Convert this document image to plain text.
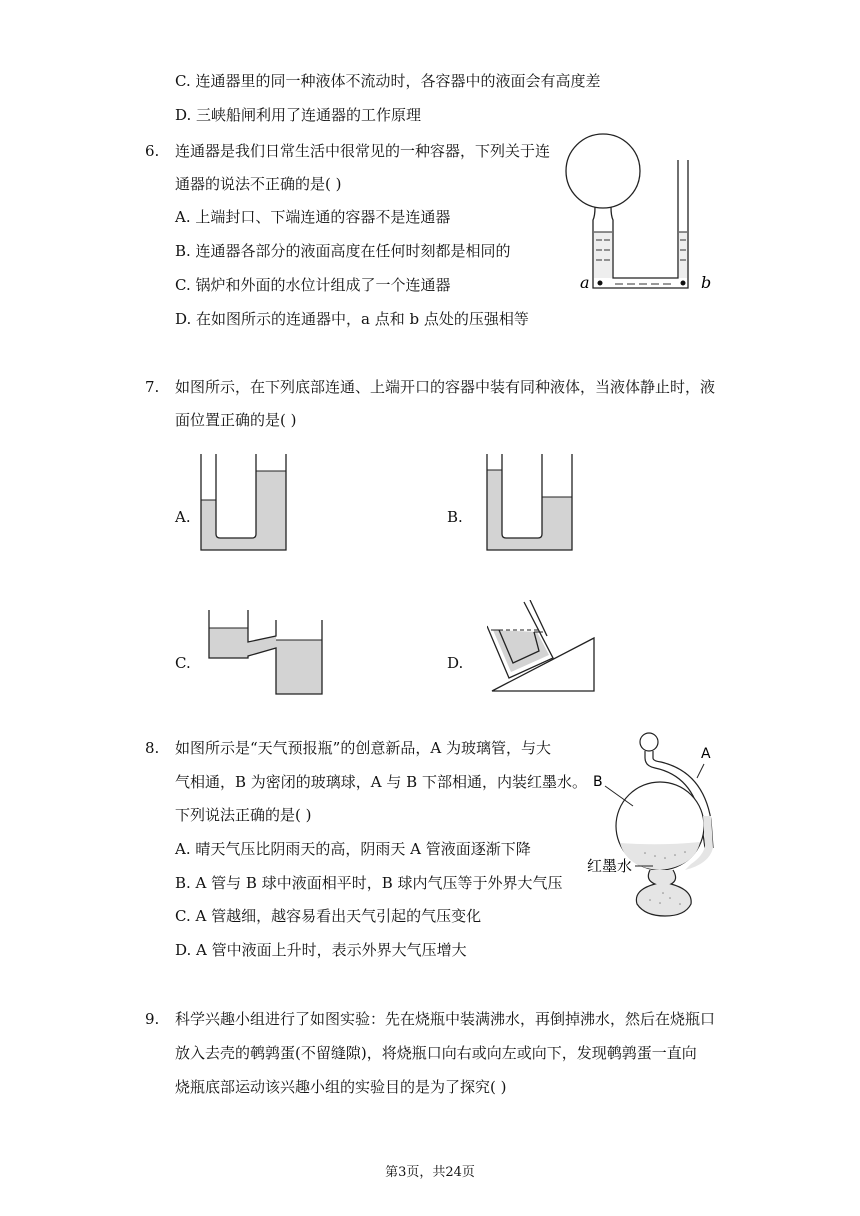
C. 连通器里的同一种液体不流动时，各容器中的液面会有高度差
D. 三峡船闸利用了连通器的工作原理
6. 连通器是我们日常生活中很常见的一种容器，下列关于连
通器的说法不正确的是( )
A. 上端封口、下端连通的容器不是连通器
B. 连通器各部分的液面高度在任何时刻都是相同的
C. 锅炉和外面的水位计组成了一个连通器
D. 在如图所示的连通器中，a 点和 b 点处的压强相等
a	b
7. 如图所示，在下列底部连通、上端开口的容器中装有同种液体，当液体静止时，液
面位置正确的是( )
A.	B.
C.	D.
8. 如图所示是“天气预报瓶”的创意新品，A 为玻璃管，与大
气相通，B 为密闭的玻璃球，A 与 B 下部相通，内装红墨水。
下列说法正确的是( )
A. 晴天气压比阴雨天的高，阴雨天 A 管液面逐渐下降
B. A 管与 B 球中液面相平时，B 球内气压等于外界大气压
C. A 管越细，越容易看出天气引起的气压变化
D. A 管中液面上升时，表示外界大气压增大
A
B
红墨水
9. 科学兴趣小组进行了如图实验：先在烧瓶中装满沸水，再倒掉沸水，然后在烧瓶口
放入去壳的鹌鹑蛋(不留缝隙)，将烧瓶口向右或向左或向下，发现鹌鹑蛋一直向
烧瓶底部运动该兴趣小组的实验目的是为了探究( )
第3页，共24页
